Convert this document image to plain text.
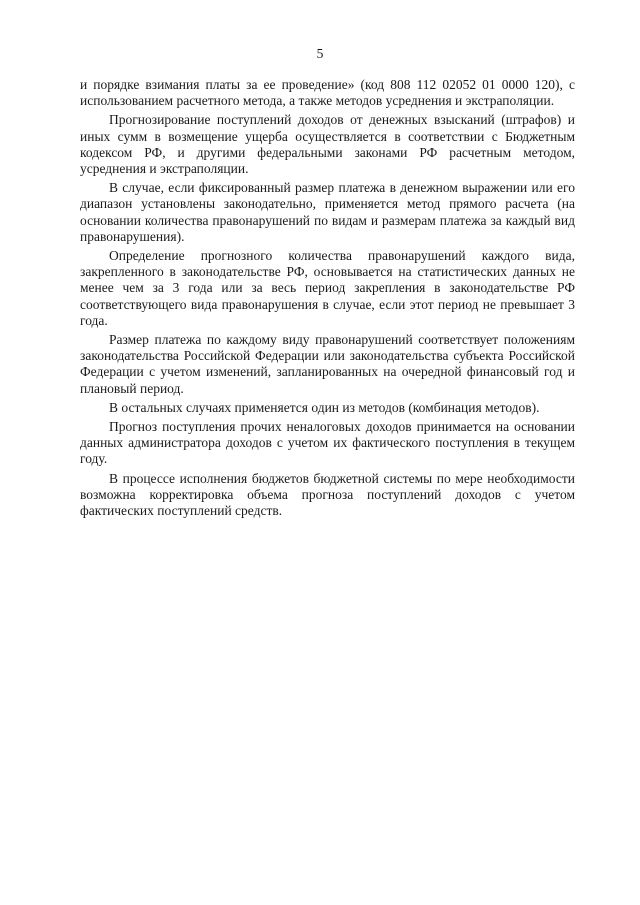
5

и порядке взимания платы за ее проведение» (код 808 112 02052 01 0000 120), с использованием расчетного метода, а также методов усреднения и экстраполяции.

Прогнозирование поступлений доходов от денежных взысканий (штрафов) и иных сумм в возмещение ущерба осуществляется в соответствии с Бюджетным кодексом РФ, и другими федеральными законами РФ расчетным методом, усреднения и экстраполяции.

В случае, если фиксированный размер платежа в денежном выражении или его диапазон установлены законодательно, применяется метод прямого расчета (на основании количества правонарушений по видам и размерам платежа за каждый вид правонарушения).

Определение прогнозного количества правонарушений каждого вида, закрепленного в законодательстве РФ, основывается на статистических данных не менее чем за 3 года или за весь период закрепления в законодательстве РФ соответствующего вида правонарушения в случае, если этот период не превышает 3 года.

Размер платежа по каждому виду правонарушений соответствует положениям законодательства Российской Федерации или законодательства субъекта Российской Федерации с учетом изменений, запланированных на очередной финансовый год и плановый период.

В остальных случаях применяется один из методов (комбинация методов).

Прогноз поступления прочих неналоговых доходов принимается на основании данных администратора доходов с учетом их фактического поступления в текущем году.

В процессе исполнения бюджетов бюджетной системы по мере необходимости возможна корректировка объема прогноза поступлений доходов с учетом фактических поступлений средств.
